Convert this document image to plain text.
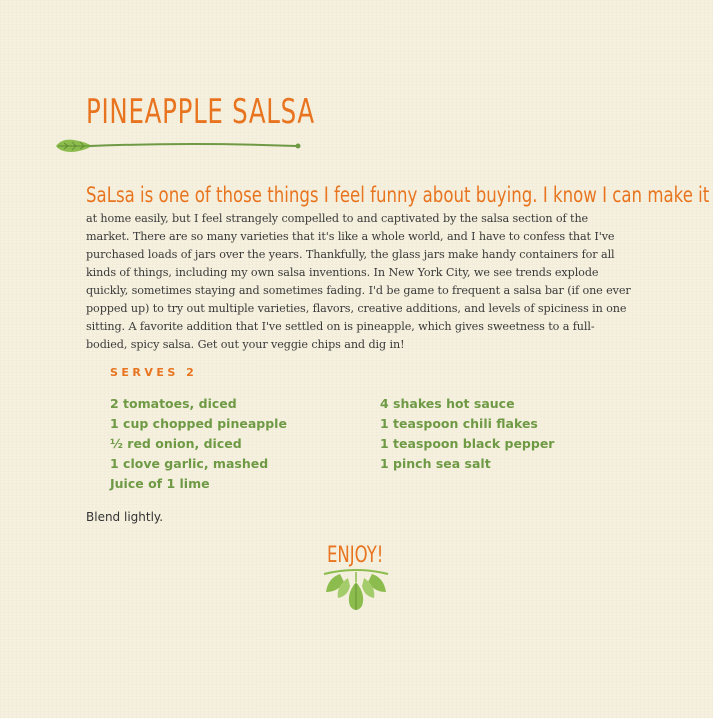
PINEAPPLE SALSA
SaLsa is one of those things I feel funny about buying. I know I can make it
at home easily, but I feel strangely compelled to and captivated by the salsa section of the market. There are so many varieties that it's like a whole world, and I have to confess that I've purchased loads of jars over the years. Thankfully, the glass jars make handy containers for all kinds of things, including my own salsa inventions. In New York City, we see trends explode quickly, sometimes staying and sometimes fading. I'd be game to frequent a salsa bar (if one ever popped up) to try out multiple varieties, flavors, creative additions, and levels of spiciness in one sitting. A favorite addition that I've settled on is pineapple, which gives sweetness to a full-bodied, spicy salsa. Get out your veggie chips and dig in!
SERVES 2
2 tomatoes, diced
1 cup chopped pineapple
½ red onion, diced
1 clove garlic, mashed
Juice of 1 lime
4 shakes hot sauce
1 teaspoon chili flakes
1 teaspoon black pepper
1 pinch sea salt
Blend lightly.
ENJOY!
